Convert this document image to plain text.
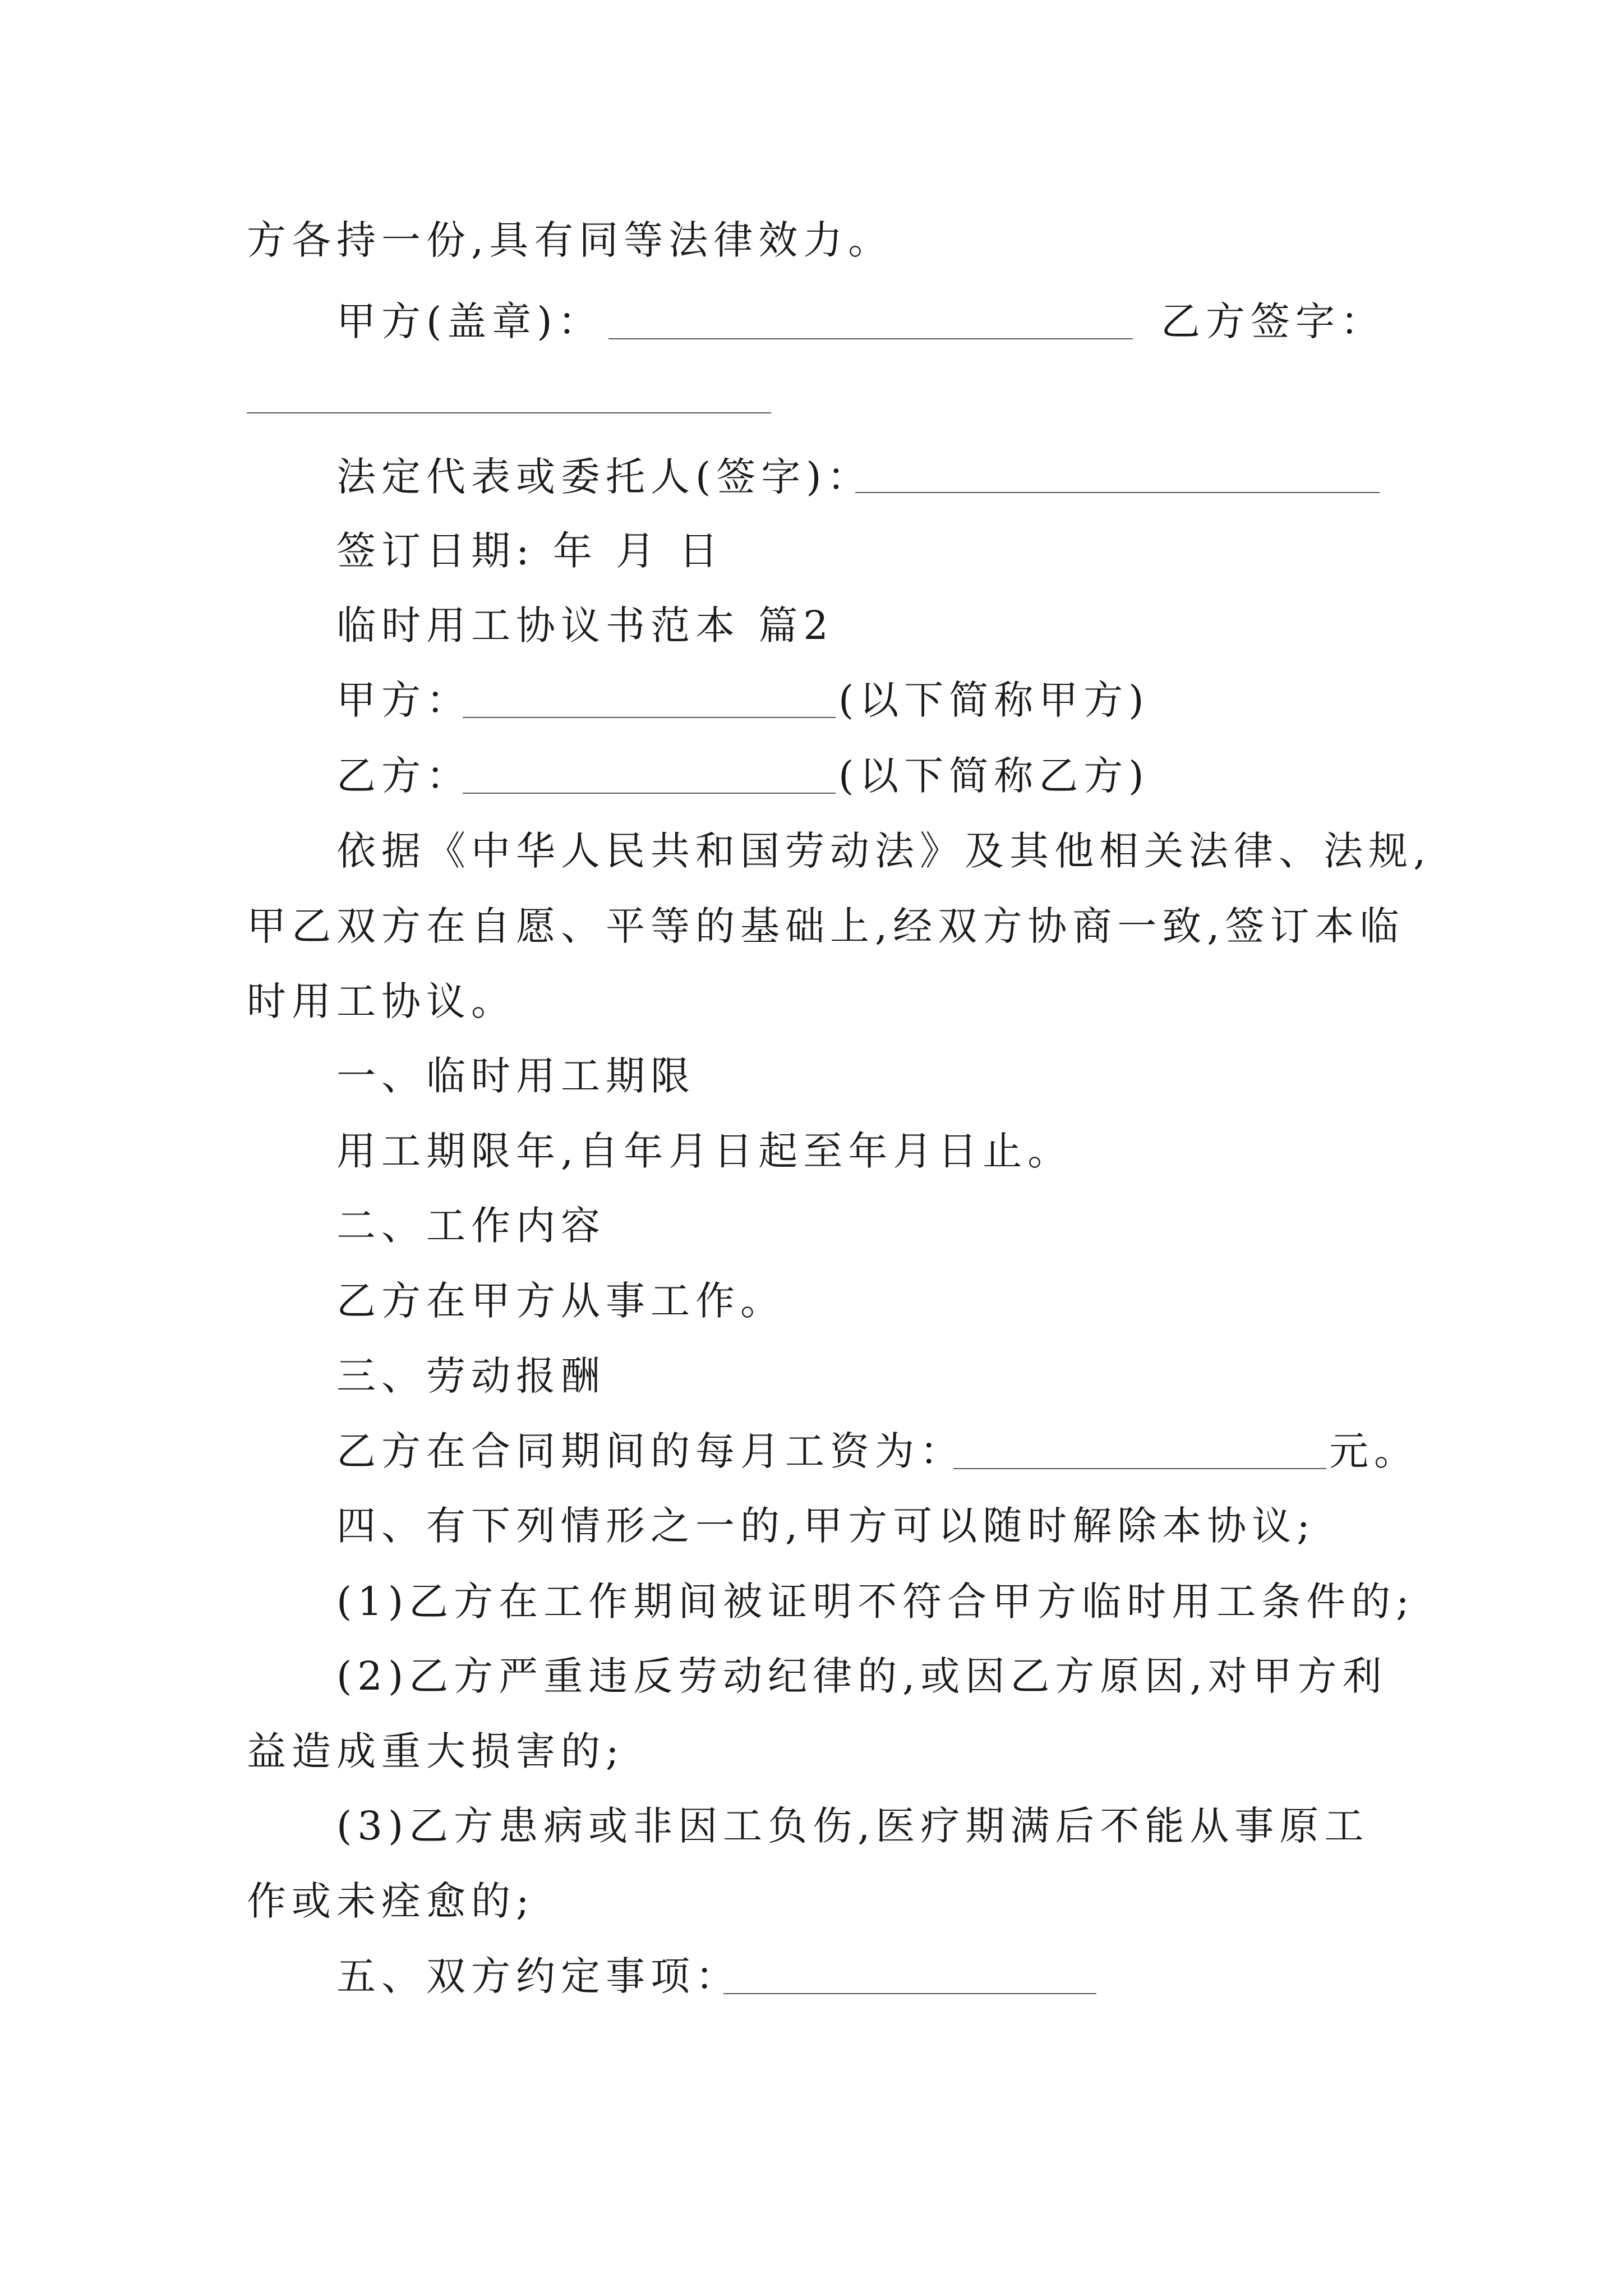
方各持一份,具有同等法律效力。
甲方(盖章)：	乙方签字：
法定代表或委托人(签字)：
签订日期: 年 月 日
临时用工协议书范本 篇2
甲方：	(以下简称甲方)
乙方：	(以下简称乙方)
依据《中华人民共和国劳动法》及其他相关法律、法规,
甲乙双方在自愿、平等的基础上,经双方协商一致,签订本临
时用工协议。
一、临时用工期限
用工期限年,自年月日起至年月日止。
二、工作内容
乙方在甲方从事工作。
三、劳动报酬
乙方在合同期间的每月工资为：	元。
四、有下列情形之一的,甲方可以随时解除本协议;
(1)乙方在工作期间被证明不符合甲方临时用工条件的;
(2)乙方严重违反劳动纪律的,或因乙方原因,对甲方利
益造成重大损害的;
(3)乙方患病或非因工负伤,医疗期满后不能从事原工
作或未痊愈的;
五、双方约定事项：
